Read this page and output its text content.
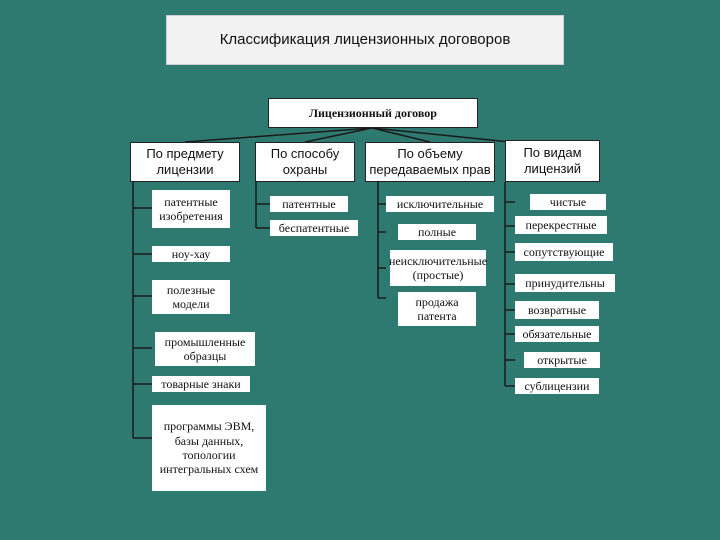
Классификация лицензионных договоров
Лицензионный договор
По предмету лицензии
По способу охраны
По объему передаваемых прав
По видам лицензий
патентные изобретения
ноу-хау
полезные модели
промышленные образцы
товарные знаки
программы ЭВМ, базы данных, топологии интегральных схем
патентные
беспатентные
исключительные
полные
неисключительные (простые)
продажа патента
чистые
перекрестные
сопутствующие
принудительны
возвратные
обязательные
открытые
сублицензии
